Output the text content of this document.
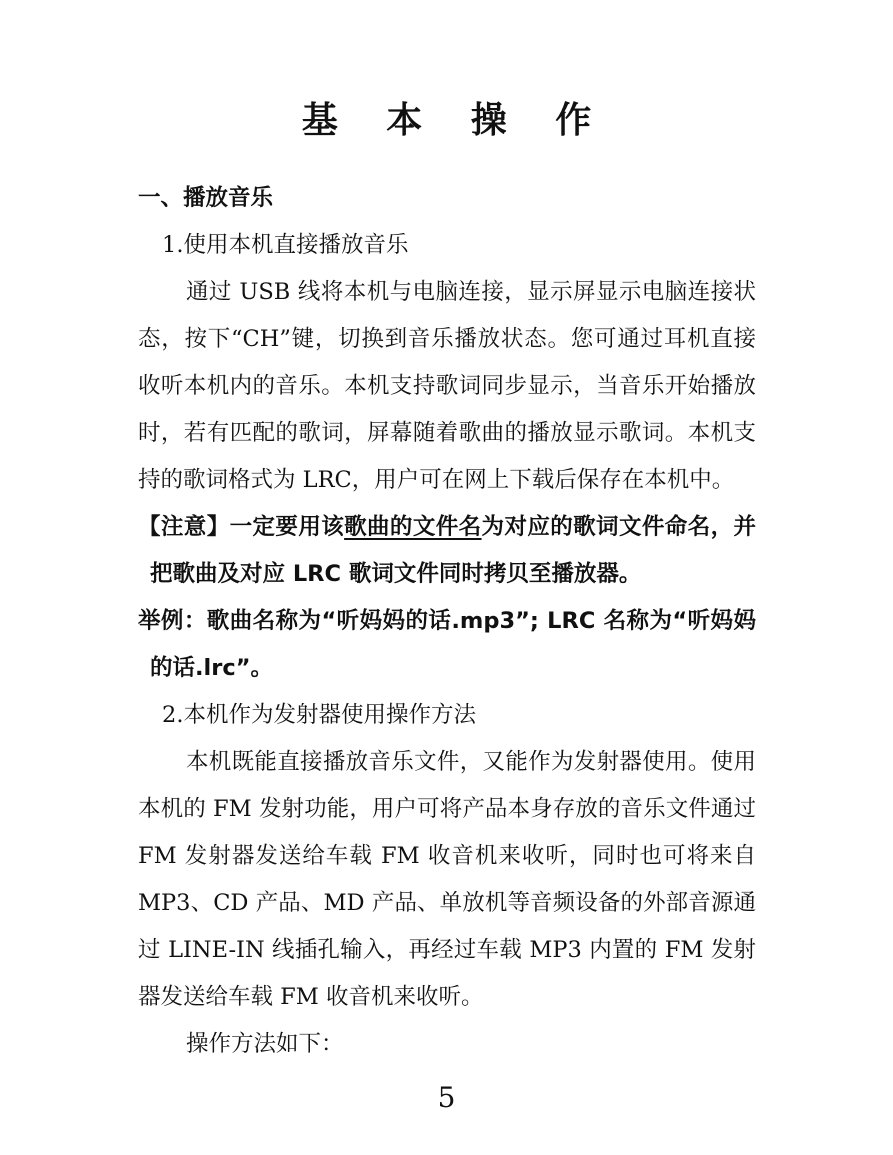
基 本 操 作

一、播放音乐

1.使用本机直接播放音乐

通过 USB 线将本机与电脑连接，显示屏显示电脑连接状态，按下“CH”键，切换到音乐播放状态。您可通过耳机直接收听本机内的音乐。本机支持歌词同步显示，当音乐开始播放时，若有匹配的歌词，屏幕随着歌曲的播放显示歌词。本机支持的歌词格式为 LRC，用户可在网上下载后保存在本机中。

【注意】一定要用该歌曲的文件名为对应的歌词文件命名，并把歌曲及对应 LRC 歌词文件同时拷贝至播放器。

举例：歌曲名称为“听妈妈的话.mp3”; LRC 名称为“听妈妈的话.lrc”。

2.本机作为发射器使用操作方法

本机既能直接播放音乐文件，又能作为发射器使用。使用本机的 FM 发射功能，用户可将产品本身存放的音乐文件通过 FM 发射器发送给车载 FM 收音机来收听，同时也可将来自 MP3、CD 产品、MD 产品、单放机等音频设备的外部音源通过 LINE-IN 线插孔输入，再经过车载 MP3 内置的 FM 发射器发送给车载 FM 收音机来收听。

操作方法如下：

5
